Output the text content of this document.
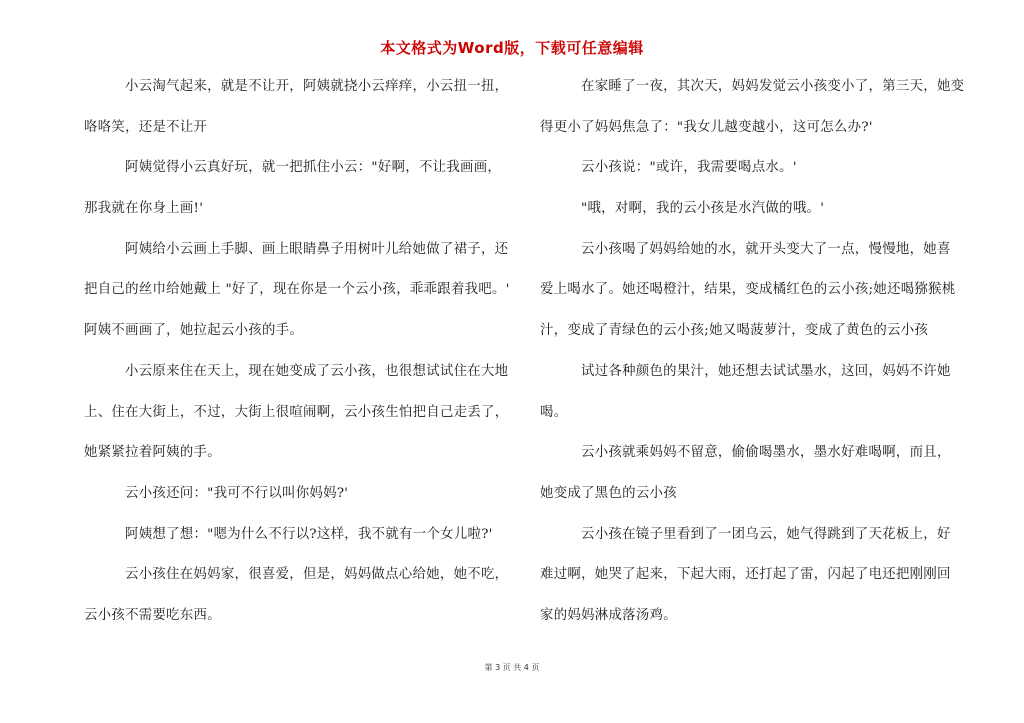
本文格式为Word版，下载可任意编辑
小云淘气起来，就是不让开，阿姨就挠小云痒痒，小云扭一扭，
咯咯笑，还是不让开
阿姨觉得小云真好玩，就一把抓住小云："好啊，不让我画画，
那我就在你身上画!'
阿姨给小云画上手脚、画上眼睛鼻子用树叶儿给她做了裙子，还
把自己的丝巾给她戴上 "好了，现在你是一个云小孩，乖乖跟着我吧。'
阿姨不画画了，她拉起云小孩的手。
小云原来住在天上，现在她变成了云小孩，也很想试试住在大地
上、住在大街上，不过，大街上很喧闹啊，云小孩生怕把自己走丢了，
她紧紧拉着阿姨的手。
云小孩还问："我可不行以叫你妈妈?'
阿姨想了想："嗯为什么不行以?这样，我不就有一个女儿啦?'
云小孩住在妈妈家，很喜爱，但是，妈妈做点心给她，她不吃，
云小孩不需要吃东西。
在家睡了一夜，其次天，妈妈发觉云小孩变小了，第三天，她变
得更小了妈妈焦急了："我女儿越变越小，这可怎么办?'
云小孩说："或许，我需要喝点水。'
"哦，对啊，我的云小孩是水汽做的哦。'
云小孩喝了妈妈给她的水，就开头变大了一点，慢慢地，她喜
爱上喝水了。她还喝橙汁，结果，变成橘红色的云小孩;她还喝猕猴桃
汁，变成了青绿色的云小孩;她又喝菠萝汁，变成了黄色的云小孩
试过各种颜色的果汁，她还想去试试墨水，这回，妈妈不许她
喝。
云小孩就乘妈妈不留意，偷偷喝墨水，墨水好难喝啊，而且，
她变成了黑色的云小孩
云小孩在镜子里看到了一团乌云，她气得跳到了天花板上，好
难过啊，她哭了起来，下起大雨，还打起了雷，闪起了电还把刚刚回
家的妈妈淋成落汤鸡。
第 3 页 共 4 页
